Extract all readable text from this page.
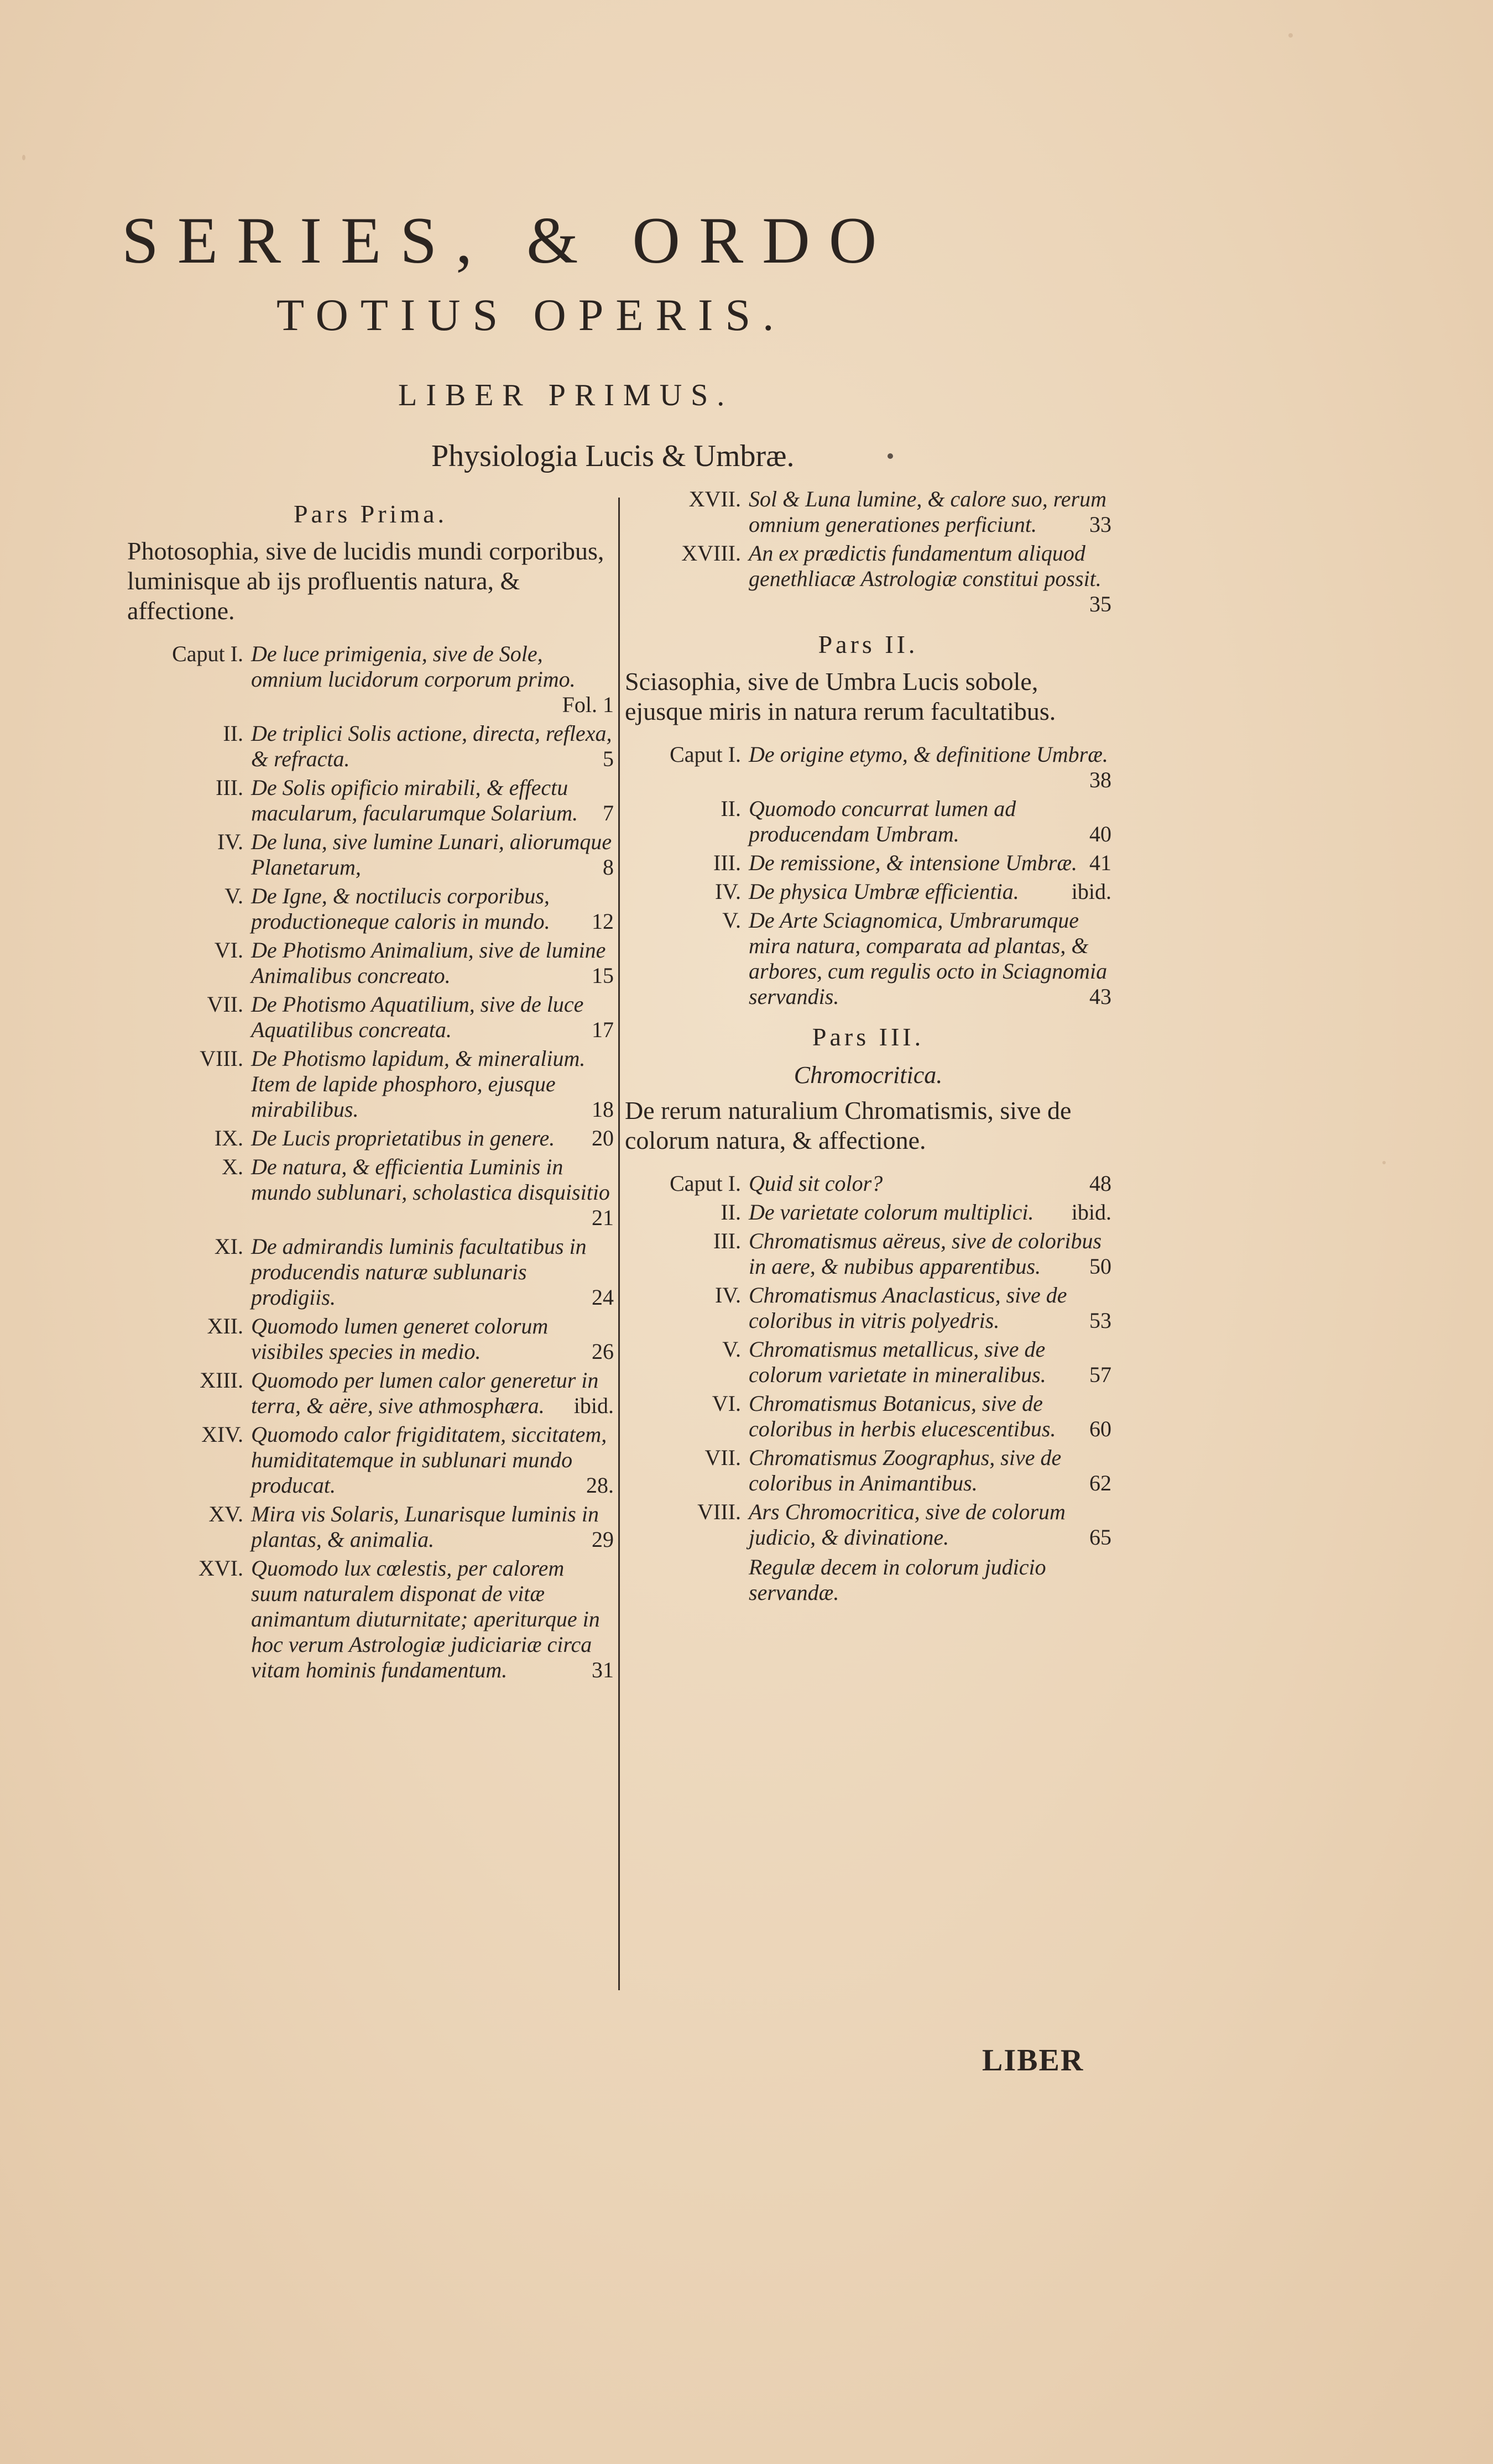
SERIES, & ORDO
TOTIUS OPERIS.
LIBER PRIMUS.
Physiologia Lucis & Umbræ.
Pars Prima.
Photosophia, sive de lucidis mundi corporibus, luminisque ab ijs profluentis natura, & affectione.
Caput I. De luce primigenia, sive de Sole, omnium lucidorum corporum primo.
Fol. 1
II. De triplici Solis actione, directa, reflexa, & refracta.	5
III. De Solis opificio mirabili, & effectu macularum, facularumque Solarium. 7
IV. De luna, sive lumine Lunari, aliorumque Planetarum,	8
V. De Igne, & noctilucis corporibus, productioneque caloris in mundo. 12
VI. De Photismo Animalium, sive de lumine Animalibus concreato.	15
VII. De Photismo Aquatilium, sive de luce Aquatilibus concreata.	17
VIII. De Photismo lapidum, & mineralium. Item de lapide phosphoro, ejusque mirabilibus.	18
IX. De Lucis proprietatibus in genere. 20
X. De natura, & efficientia Luminis in mundo sublunari, scholastica disquisitio
21
XI. De admirandis luminis facultatibus in producendis naturæ sublunaris prodigiis.	24
XII. Quomodo lumen generet colorum visibiles species in medio.	26
XIII. Quomodo per lumen calor generetur in terra, & aëre, sive athmosphæra. ibid.
XIV. Quomodo calor frigiditatem, siccitatem, humiditatemque in sublunari mundo producat.	28.
XV. Mira vis Solaris, Lunarisque luminis in plantas, & animalia.	29
XVI. Quomodo lux cœlestis, per calorem suum naturalem disponat de vitæ animantum diuturnitate; aperiturque in hoc verum Astrologiæ judiciariæ circa vitam hominis fundamentum.	31
XVII. Sol & Luna lumine, & calore suo, rerum omnium generationes perficiunt. 33
XVIII. An ex prædictis fundamentum aliquod genethliacæ Astrologiæ constitui possit.
35
Pars II.
Sciasophia, sive de Umbra Lucis sobole, ejusque miris in natura rerum facultatibus.
Caput I. De origine etymo, & definitione Umbræ.
38
II. Quomodo concurrat lumen ad producendam Umbram.	40
III. De remissione, & intensione Umbræ. 41
IV. De physica Umbræ efficientia. ibid.
V. De Arte Sciagnomica, Umbrarumque mira natura, comparata ad plantas, & arbores, cum regulis octo in Sciagnomia servandis.	43
Pars III.
Chromocritica.
De rerum naturalium Chromatismis, sive de colorum natura, & affectione.
Caput I. Quid sit color?	48
II. De varietate colorum multiplici. ibid.
III. Chromatismus aëreus, sive de coloribus in aere, & nubibus apparentibus. 50
IV. Chromatismus Anaclasticus, sive de coloribus in vitris polyedris.	53
V. Chromatismus metallicus, sive de colorum varietate in mineralibus. 57
VI. Chromatismus Botanicus, sive de coloribus in herbis elucescentibus. 60
VII. Chromatismus Zoographus, sive de coloribus in Animantibus.	62
VIII. Ars Chromocritica, sive de colorum judicio, & divinatione.	65
Regulæ decem in colorum judicio servandæ.
LIBER
